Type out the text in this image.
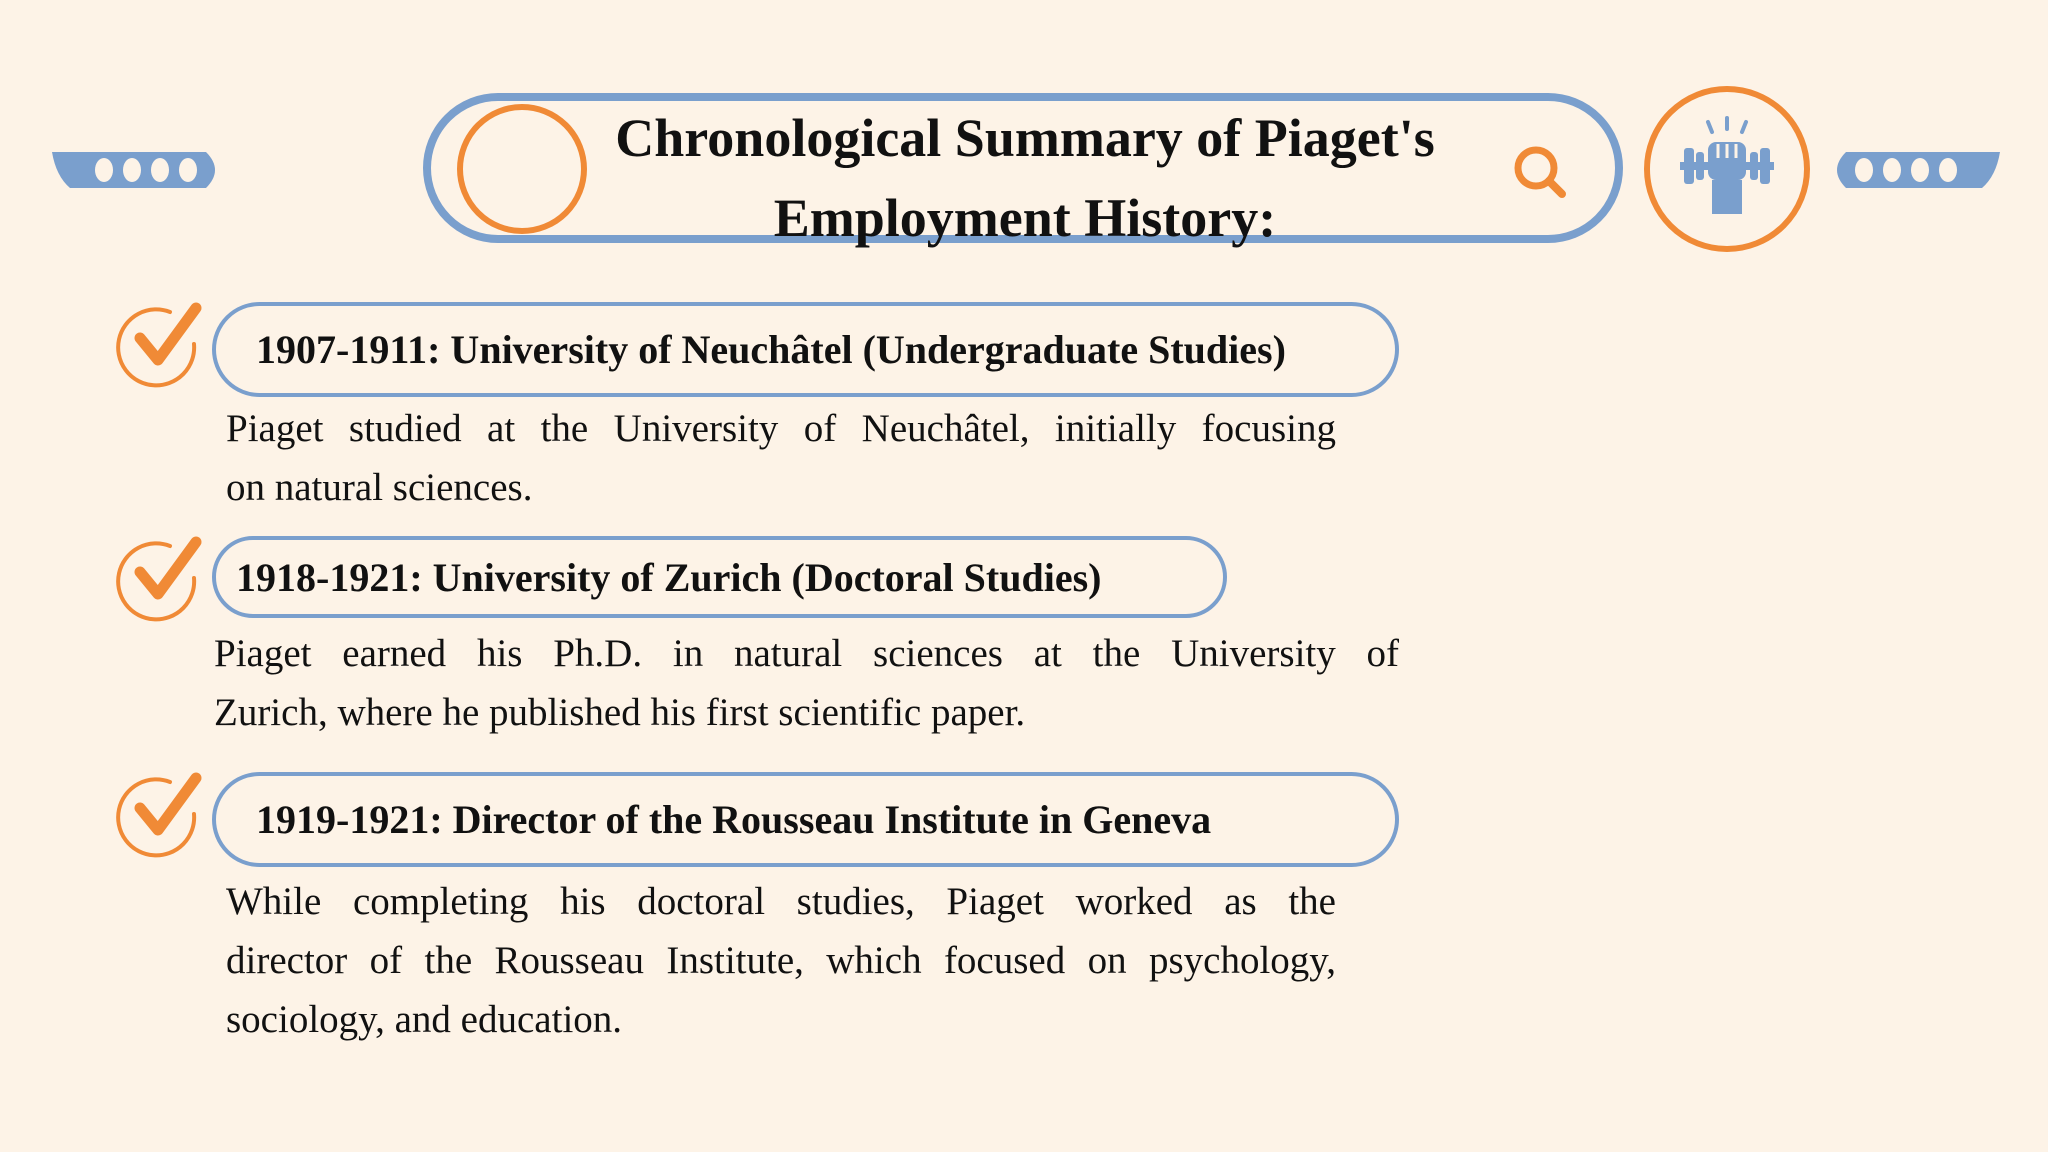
Chronological Summary of Piaget's
Employment History:
1907-1911: University of Neuchâtel (Undergraduate Studies)
Piaget studied at the University of Neuchâtel, initially focusing
on natural sciences.
1918-1921: University of Zurich (Doctoral Studies)
Piaget earned his Ph.D. in natural sciences at the University of
Zurich, where he published his first scientific paper.
1919-1921: Director of the Rousseau Institute in Geneva
While completing his doctoral studies, Piaget worked as the
director of the Rousseau Institute, which focused on psychology,
sociology, and education.
